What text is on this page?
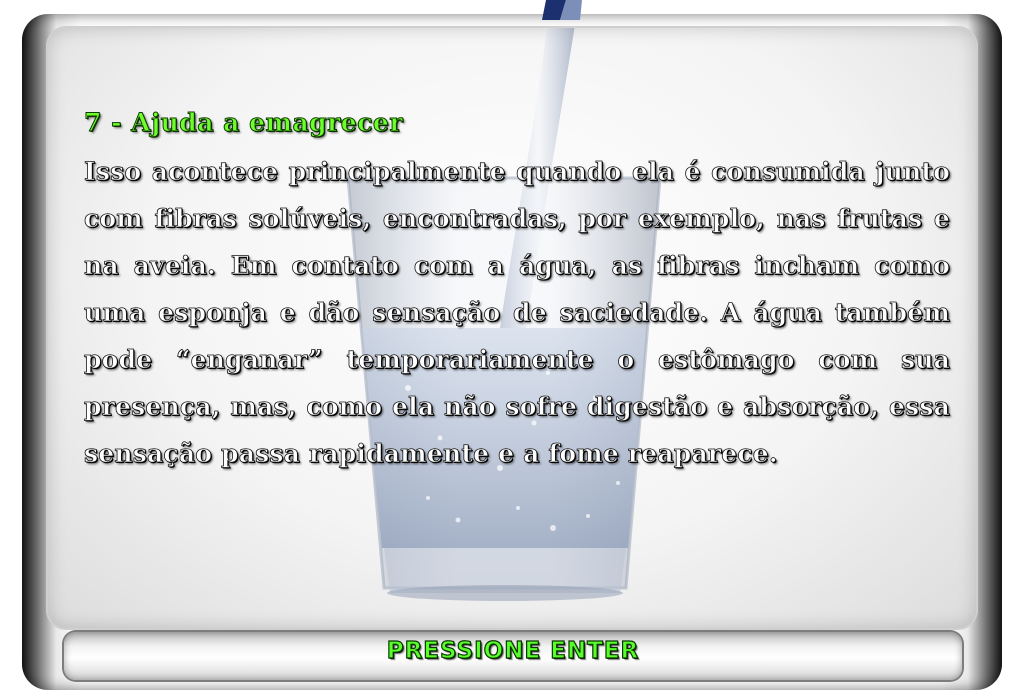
7 - Ajuda a emagrecer

Isso acontece principalmente quando ela é consumida junto com fibras solúveis, encontradas, por exemplo, nas frutas e na aveia. Em contato com a água, as fibras incham como uma esponja e dão sensação de saciedade. A água também pode “enganar” temporariamente o estômago com sua presença, mas, como ela não sofre digestão e absorção, essa sensação passa rapidamente e a fome reaparece.

PRESSIONE ENTER
